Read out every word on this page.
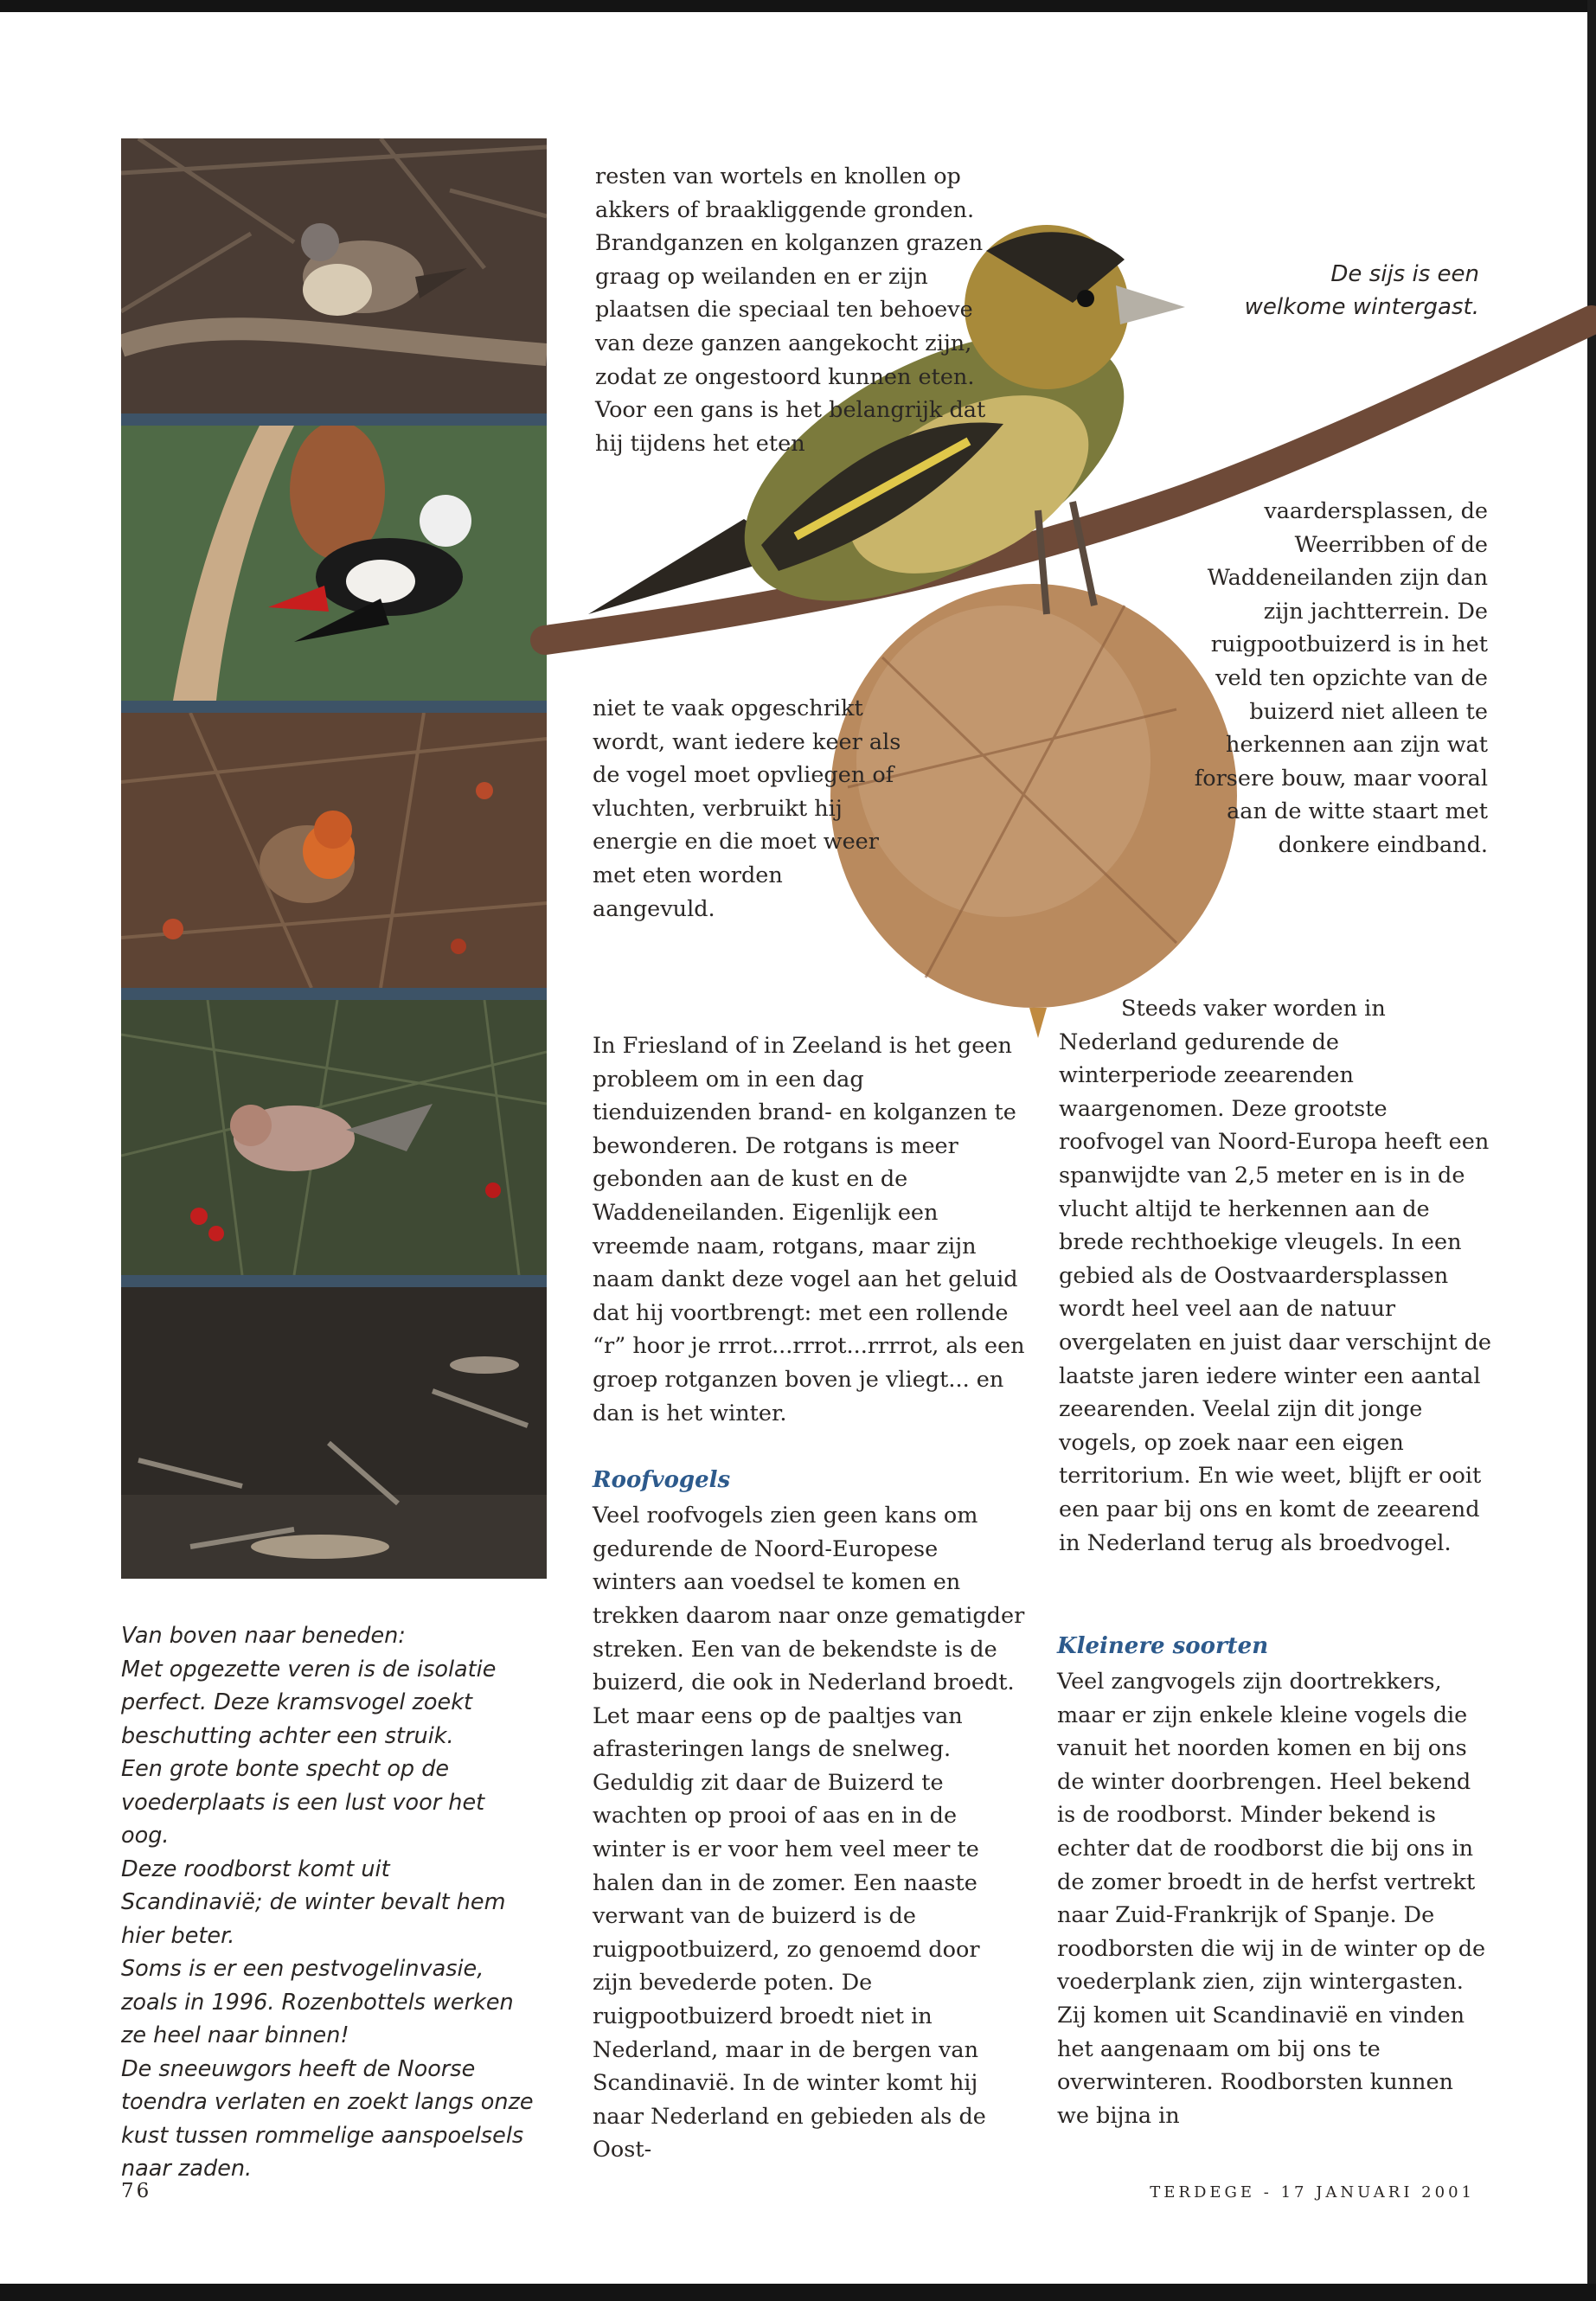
Van boven naar beneden:

Met opgezette veren is de isolatie perfect. Deze kramsvogel zoekt beschutting achter een struik.

Een grote bonte specht op de voederplaats is een lust voor het oog.

Deze roodborst komt uit Scandinavië; de winter bevalt hem hier beter.

Soms is er een pestvogelinvasie, zoals in 1996. Rozenbottels werken ze heel naar binnen!

De sneeuwgors heeft de Noorse toendra verlaten en zoekt langs onze kust tussen rommelige aanspoelsels naar zaden.

resten van wortels en knollen op akkers of braakliggende gronden. Brandganzen en kolganzen grazen graag op weilanden en er zijn plaatsen die speciaal ten behoeve van deze ganzen aangekocht zijn, zodat ze ongestoord kunnen eten. Voor een gans is het belangrijk dat hij tijdens het eten

niet te vaak opgeschrikt wordt, want iedere keer als de vogel moet opvliegen of vluchten, verbruikt hij energie en die moet weer met eten worden aangevuld.

In Friesland of in Zeeland is het geen probleem om in een dag tienduizenden brand- en kolganzen te bewonderen. De rotgans is meer gebonden aan de kust en de Waddeneilanden. Eigenlijk een vreemde naam, rotgans, maar zijn naam dankt deze vogel aan het geluid dat hij voortbrengt: met een rollende “r” hoor je rrrot...rrrot...rrrrot, als een groep rotganzen boven je vliegt... en dan is het winter.

Roofvogels

Veel roofvogels zien geen kans om gedurende de Noord-Europese winters aan voedsel te komen en trekken daarom naar onze gematigder streken. Een van de bekendste is de buizerd, die ook in Nederland broedt. Let maar eens op de paaltjes van afrasteringen langs de snelweg. Geduldig zit daar de Buizerd te wachten op prooi of aas en in de winter is er voor hem veel meer te halen dan in de zomer. Een naaste verwant van de buizerd is de ruigpootbuizerd, zo genoemd door zijn bevederde poten. De ruigpootbuizerd broedt niet in Nederland, maar in de bergen van Scandinavië. In de winter komt hij naar Nederland en gebieden als de Oost-

De sijs is een welkome wintergast.

vaardersplassen, de Weerribben of de Waddeneilanden zijn dan zijn jachtterrein. De ruigpootbuizerd is in het veld ten opzichte van de buizerd niet alleen te herkennen aan zijn wat forsere bouw, maar vooral aan de witte staart met donkere eindband.

Steeds vaker worden in Nederland gedurende de winterperiode zeearenden waargenomen. Deze grootste roofvogel van Noord-Europa heeft een spanwijdte van 2,5 meter en is in de vlucht altijd te herkennen aan de brede rechthoekige vleugels. In een gebied als de Oostvaardersplassen wordt heel veel aan de natuur overgelaten en juist daar verschijnt de laatste jaren iedere winter een aantal zeearenden. Veelal zijn dit jonge vogels, op zoek naar een eigen territorium. En wie weet, blijft er ooit een paar bij ons en komt de zeearend in Nederland terug als broedvogel.

Kleinere soorten

Veel zangvogels zijn doortrekkers, maar er zijn enkele kleine vogels die vanuit het noorden komen en bij ons de winter doorbrengen. Heel bekend is de roodborst. Minder bekend is echter dat de roodborst die bij ons in de zomer broedt in de herfst vertrekt naar Zuid-Frankrijk of Spanje. De roodborsten die wij in de winter op de voederplank zien, zijn wintergasten. Zij komen uit Scandinavië en vinden het aangenaam om bij ons te overwinteren. Roodborsten kunnen we bijna in

76	TERDEGE - 17 JANUARI 2001
